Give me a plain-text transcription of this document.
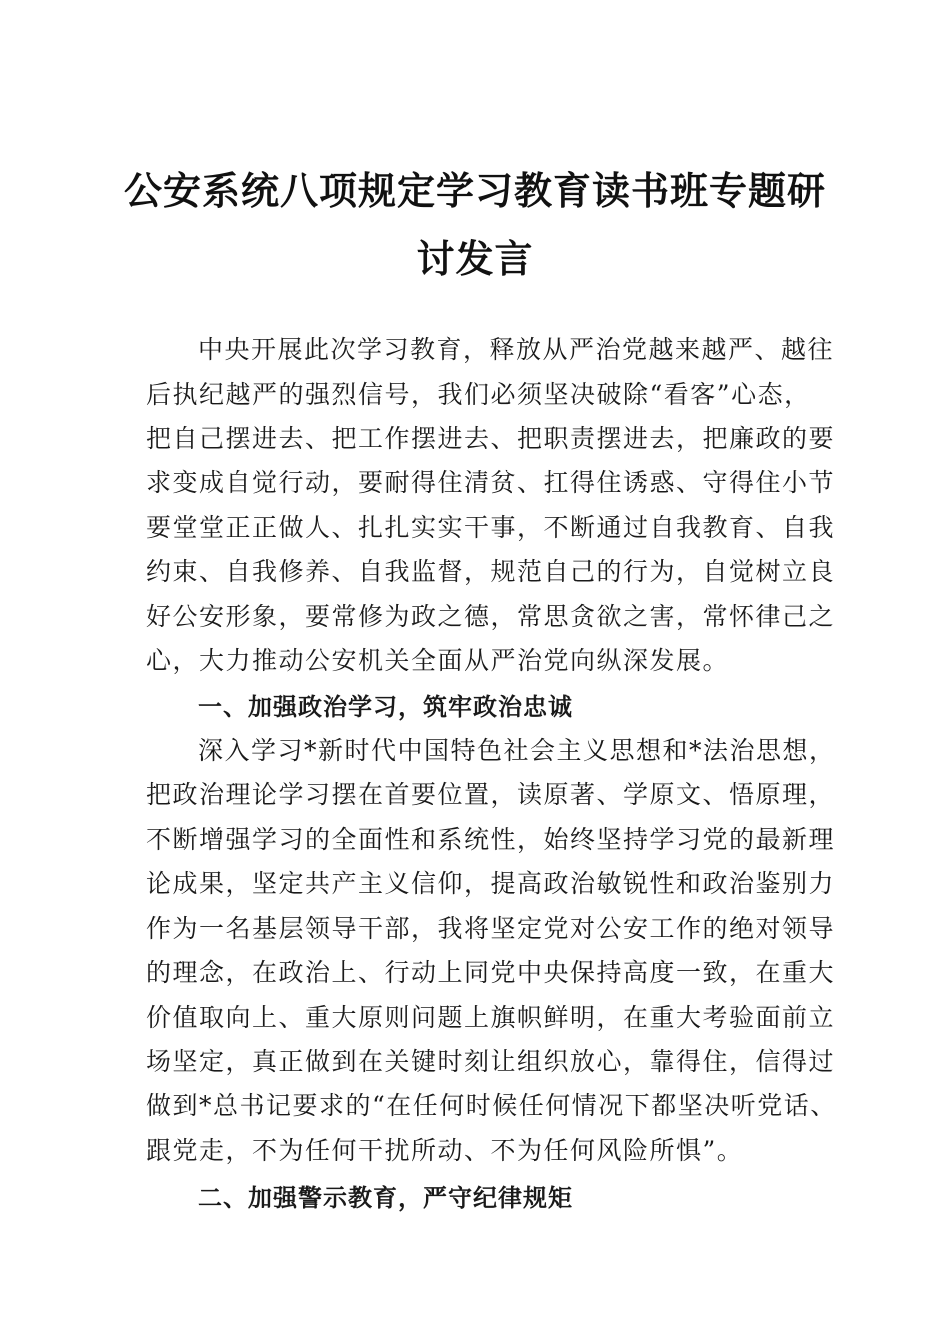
公安系统八项规定学习教育读书班专题研
讨发言
中央开展此次学习教育，释放从严治党越来越严、越往
后执纪越严的强烈信号，我们必须坚决破除“看客”心态，
把自己摆进去、把工作摆进去、把职责摆进去，把廉政的要
求变成自觉行动，要耐得住清贫、扛得住诱惑、守得住小节
要堂堂正正做人、扎扎实实干事，不断通过自我教育、自我
约束、自我修养、自我监督，规范自己的行为，自觉树立良
好公安形象，要常修为政之德，常思贪欲之害，常怀律己之
心，大力推动公安机关全面从严治党向纵深发展。
一、加强政治学习，筑牢政治忠诚
深入学习*新时代中国特色社会主义思想和*法治思想，
把政治理论学习摆在首要位置，读原著、学原文、悟原理，
不断增强学习的全面性和系统性，始终坚持学习党的最新理
论成果，坚定共产主义信仰，提高政治敏锐性和政治鉴别力
作为一名基层领导干部，我将坚定党对公安工作的绝对领导
的理念，在政治上、行动上同党中央保持高度一致，在重大
价值取向上、重大原则问题上旗帜鲜明，在重大考验面前立
场坚定，真正做到在关键时刻让组织放心，靠得住，信得过
做到*总书记要求的“在任何时候任何情况下都坚决听党话、
跟党走，不为任何干扰所动、不为任何风险所惧”。
二、加强警示教育，严守纪律规矩
